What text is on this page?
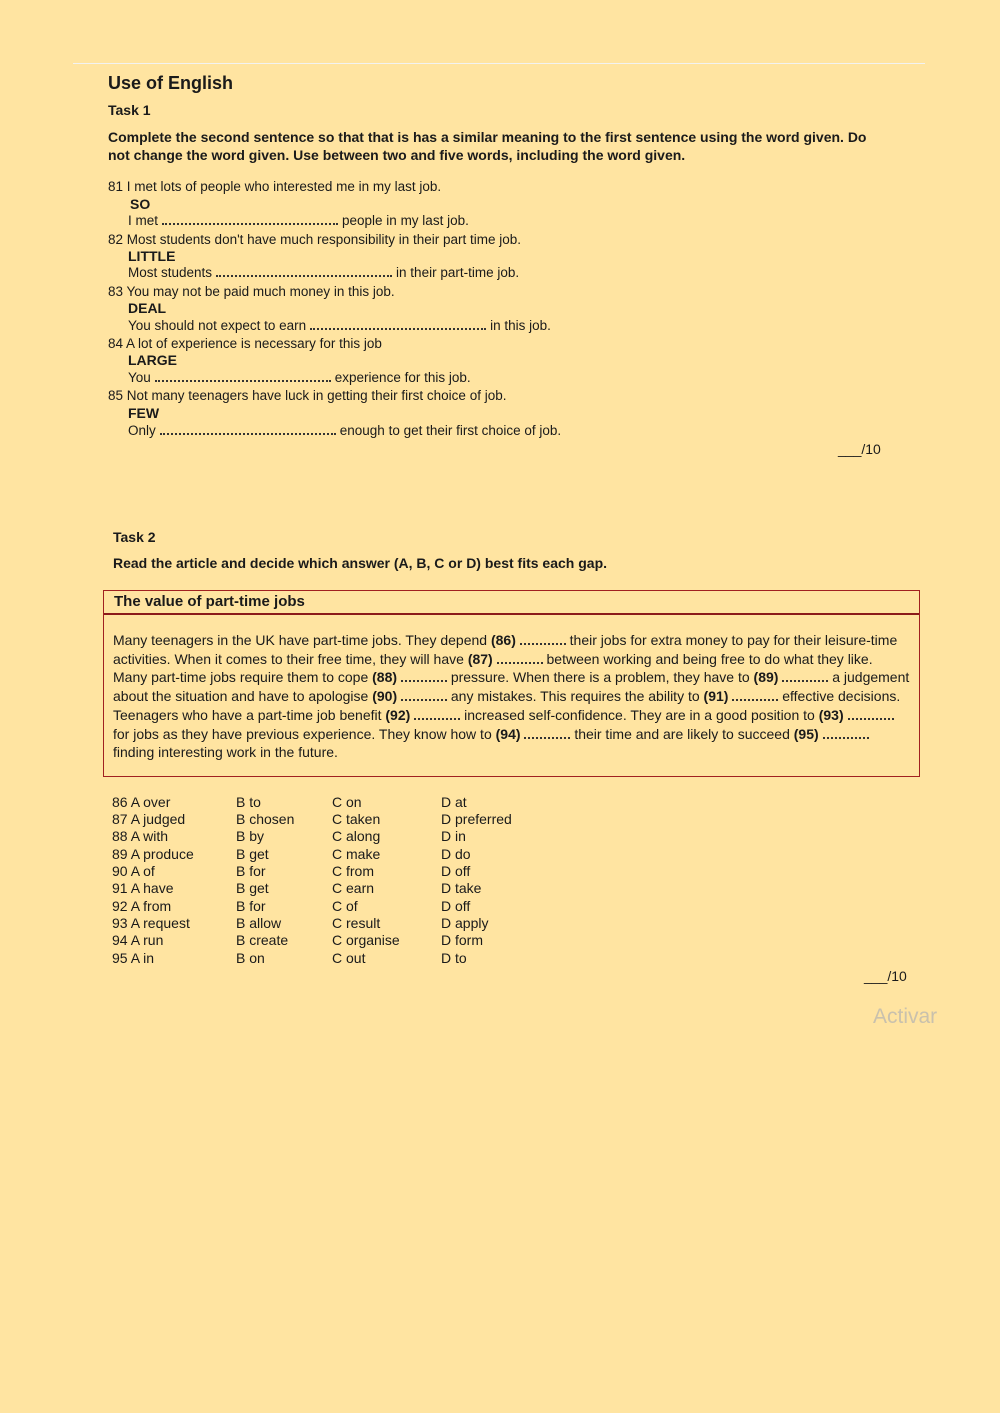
Use of English
Task 1
Complete the second sentence so that that is has a similar meaning to the first sentence using the word given. Do not change the word given. Use between two and five words, including the word given.
81 I met lots of people who interested me in my last job.
SO
I met	people in my last job.
82 Most students don't have much responsibility in their part time job.
LITTLE
Most students	in their part-time job.
83 You may not be paid much money in this job.
DEAL
You should not expect to earn	in this job.
84 A lot of experience is necessary for this job
LARGE
You	experience for this job.
85 Not many teenagers have luck in getting their first choice of job.
FEW
Only	enough to get their first choice of job.
___/10
Task 2
Read the article and decide which answer (A, B, C or D) best fits each gap.
The value of part-time jobs
Many teenagers in the UK have part-time jobs. They depend (86)	their jobs for extra money to pay for their leisure-time activities. When it comes to their free time, they will have (87)	between working and being free to do what they like. Many part-time jobs require them to cope (88)	pressure. When there is a problem, they have to (89)	a judgement about the situation and have to apologise (90)	any mistakes. This requires the ability to (91)	effective decisions. Teenagers who have a part-time job benefit (92)	increased self-confidence. They are in a good position to (93)  for jobs as they have previous experience. They know how to (94)	their time and are likely to succeed (95)  finding interesting work in the future.
86 A over	B to	C on	D at
87 A judged	B chosen	C taken	D preferred
88 A with	B by	C along	D in
89 A produce	B get	C make	D do
90 A of	B for	C from	D off
91 A have	B get	C earn	D take
92 A from	B for	C of	D off
93 A request	B allow	C result	D apply
94 A run	B create	C organise	D form
95 A in	B on	C out	D to
___/10
Activar
